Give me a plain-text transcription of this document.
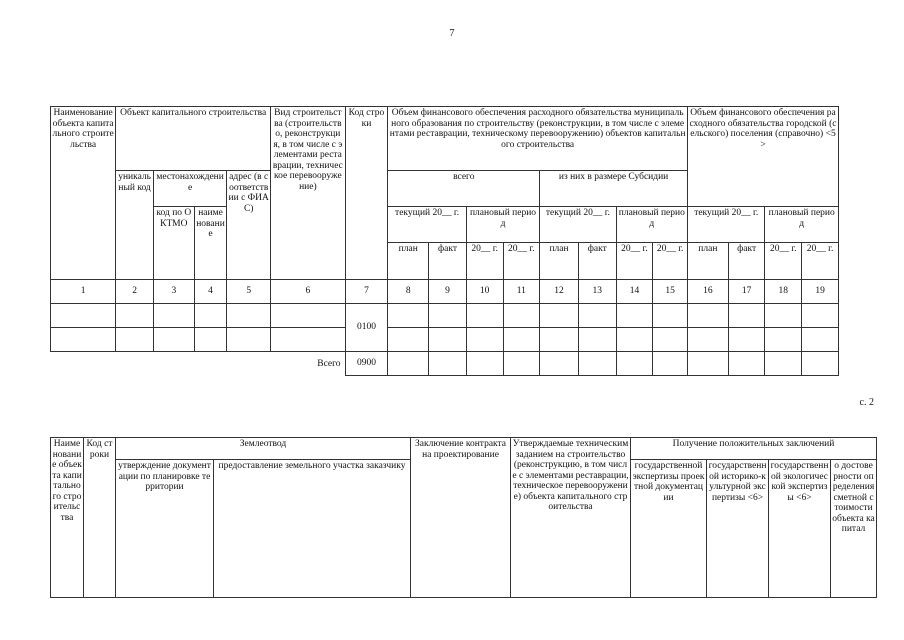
7
Наименование объекта капитального строительства	Объект капитального строительства				Вид строительства (строительство, реконструкция, в том числе с элементами реставрации, техническое перевооружение)	Код строки	Объем финансового обеспечения расходного обязательства муниципального образования по строительству (реконструкции, в том числе с элементами реставрации, техническому перевооружению) объектов капитального строительства								Объем финансового обеспечения расходного обязательства городской (сельского) поселения (справочно) <5>			
	уникальный код	местонахождение		адрес (в соответствии с ФИАС)			всего				из них в размере Субсидии							
		код по ОКТМО	наименование				текущий 20__ г.		плановый период		текущий 20__ г.		плановый период		текущий 20__ г.		плановый период	
							план	факт	20__ г.	20__ г.	план	факт	20__ г.	20__ г.	план	факт	20__ г.	20__ г.
1	2	3	4	5	6	7	8	9	10	11	12	13	14	15	16	17	18	19
						0100												

Всего						0900												
с. 2
Наименование объекта капитального строительства	Код строки	Землеотвод		Заключение контракта на проектирование	Утверждаемые техническим заданием на строительство (реконструкцию, в том числе с элементами реставрации, техническое перевооружение) объекта капитального строительства	Получение положительных заключений			
		утверждение документации по планировке территории	предоставление земельного участка заказчику			государственной экспертизы проектной документации	государственной историко-культурной экспертизы <6>	государственной экологической экспертизы <6>	о достоверности определения сметной стоимости объекта капитал
